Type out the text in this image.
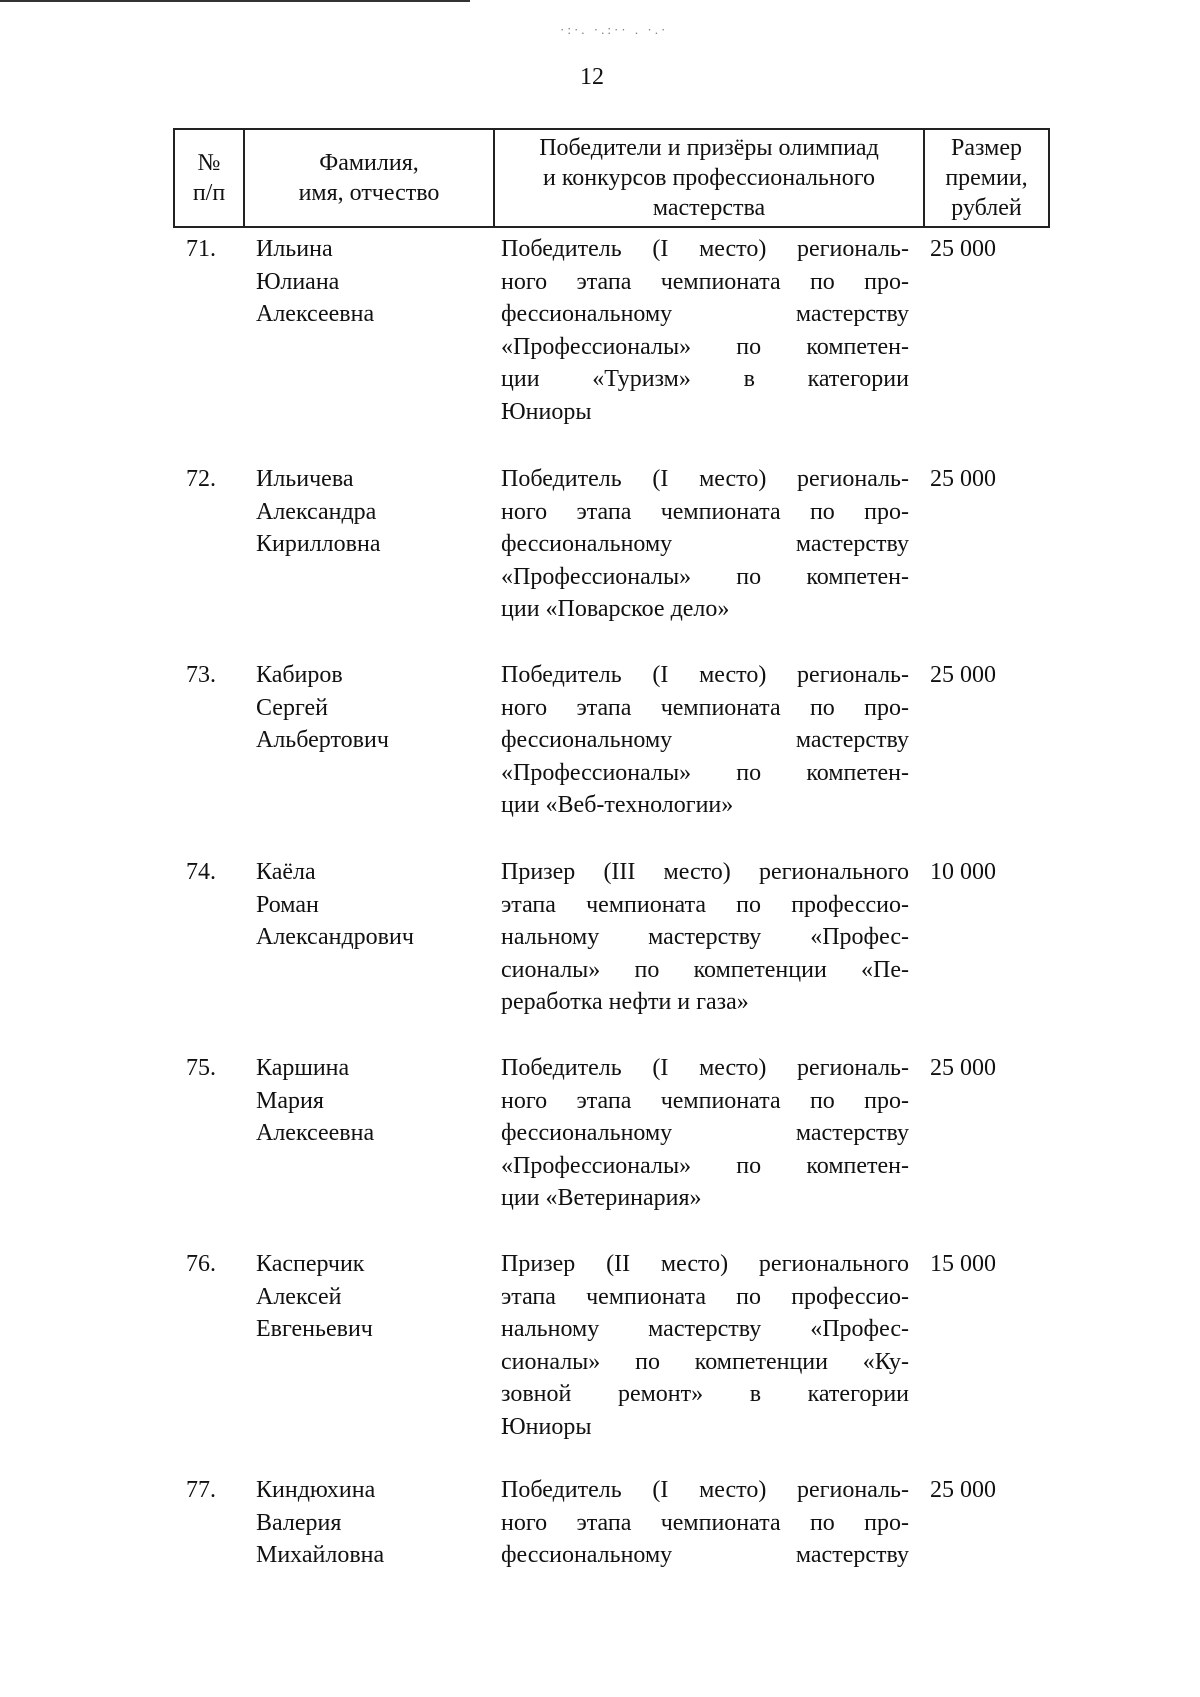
·:·. ·.:·· . ·.·
12
№
п/п
Фамилия,
имя, отчество
Победители и призёры олимпиад
и конкурсов профессионального
мастерства
Размер
премии,
рублей
71. Ильина
Юлиана
Алексеевна
Победитель (I место) региональ-
ного этапа чемпионата по про-
фессиональному мастерству
«Профессионалы» по компетен-
ции «Туризм» в категории
Юниоры
25 000
72. Ильичева
Александра
Кирилловна
Победитель (I место) региональ-
ного этапа чемпионата по про-
фессиональному мастерству
«Профессионалы» по компетен-
ции «Поварское дело»
25 000
73. Кабиров
Сергей
Альбертович
Победитель (I место) региональ-
ного этапа чемпионата по про-
фессиональному мастерству
«Профессионалы» по компетен-
ции «Веб-технологии»
25 000
74. Каёла
Роман
Александрович
Призер (III место) регионального
этапа чемпионата по профессио-
нальному мастерству «Профес-
сионалы» по компетенции «Пе-
реработка нефти и газа»
10 000
75. Каршина
Мария
Алексеевна
Победитель (I место) региональ-
ного этапа чемпионата по про-
фессиональному мастерству
«Профессионалы» по компетен-
ции «Ветеринария»
25 000
76. Касперчик
Алексей
Евгеньевич
Призер (II место) регионального
этапа чемпионата по профессио-
нальному мастерству «Профес-
сионалы» по компетенции «Ку-
зовной ремонт» в категории
Юниоры
15 000
77. Киндюхина
Валерия
Михайловна
Победитель (I место) региональ-
ного этапа чемпионата по про-
фессиональному мастерству
25 000
